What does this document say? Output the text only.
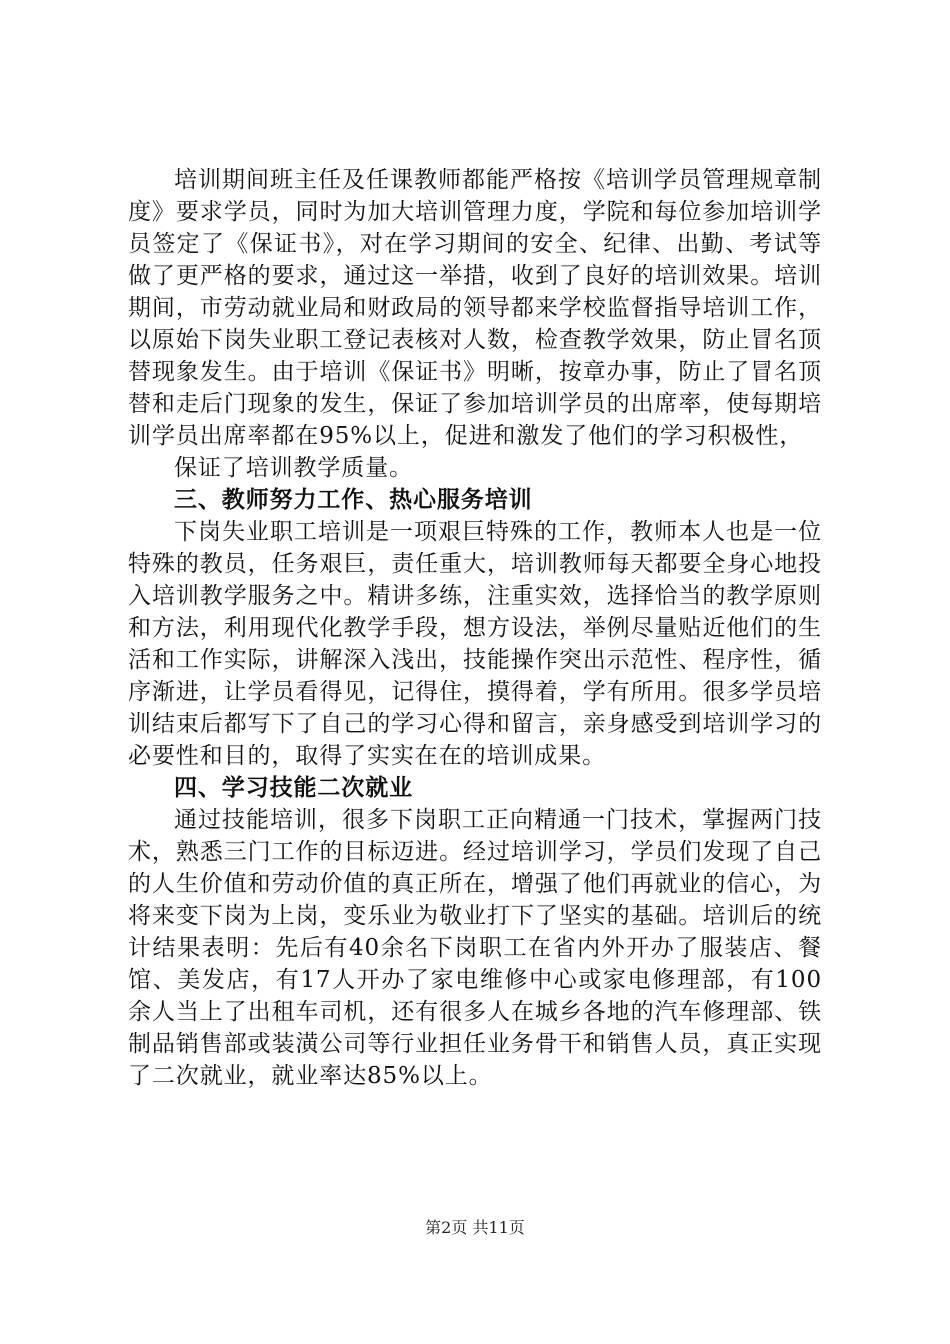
培训期间班主任及任课教师都能严格按《培训学员管理规章制度》要求学员，同时为加大培训管理力度，学院和每位参加培训学员签定了《保证书》，对在学习期间的安全、纪律、出勤、考试等做了更严格的要求，通过这一举措，收到了良好的培训效果。培训期间，市劳动就业局和财政局的领导都来学校监督指导培训工作，以原始下岗失业职工登记表核对人数，检查教学效果，防止冒名顶替现象发生。由于培训《保证书》明晰，按章办事，防止了冒名顶替和走后门现象的发生，保证了参加培训学员的出席率，使每期培训学员出席率都在95%以上，促进和激发了他们的学习积极性，

保证了培训教学质量。

三、教师努力工作、热心服务培训

下岗失业职工培训是一项艰巨特殊的工作，教师本人也是一位特殊的教员，任务艰巨，责任重大，培训教师每天都要全身心地投入培训教学服务之中。精讲多练，注重实效，选择恰当的教学原则和方法，利用现代化教学手段，想方设法，举例尽量贴近他们的生活和工作实际，讲解深入浅出，技能操作突出示范性、程序性，循序渐进，让学员看得见，记得住，摸得着，学有所用。很多学员培训结束后都写下了自己的学习心得和留言，亲身感受到培训学习的必要性和目的，取得了实实在在的培训成果。

四、学习技能二次就业

通过技能培训，很多下岗职工正向精通一门技术，掌握两门技术，熟悉三门工作的目标迈进。经过培训学习，学员们发现了自己的人生价值和劳动价值的真正所在，增强了他们再就业的信心，为将来变下岗为上岗，变乐业为敬业打下了坚实的基础。培训后的统计结果表明：先后有40余名下岗职工在省内外开办了服装店、餐馆、美发店，有17人开办了家电维修中心或家电修理部，有100余人当上了出租车司机，还有很多人在城乡各地的汽车修理部、铁制品销售部或装潢公司等行业担任业务骨干和销售人员，真正实现了二次就业，就业率达85%以上。

第2页 共11页
